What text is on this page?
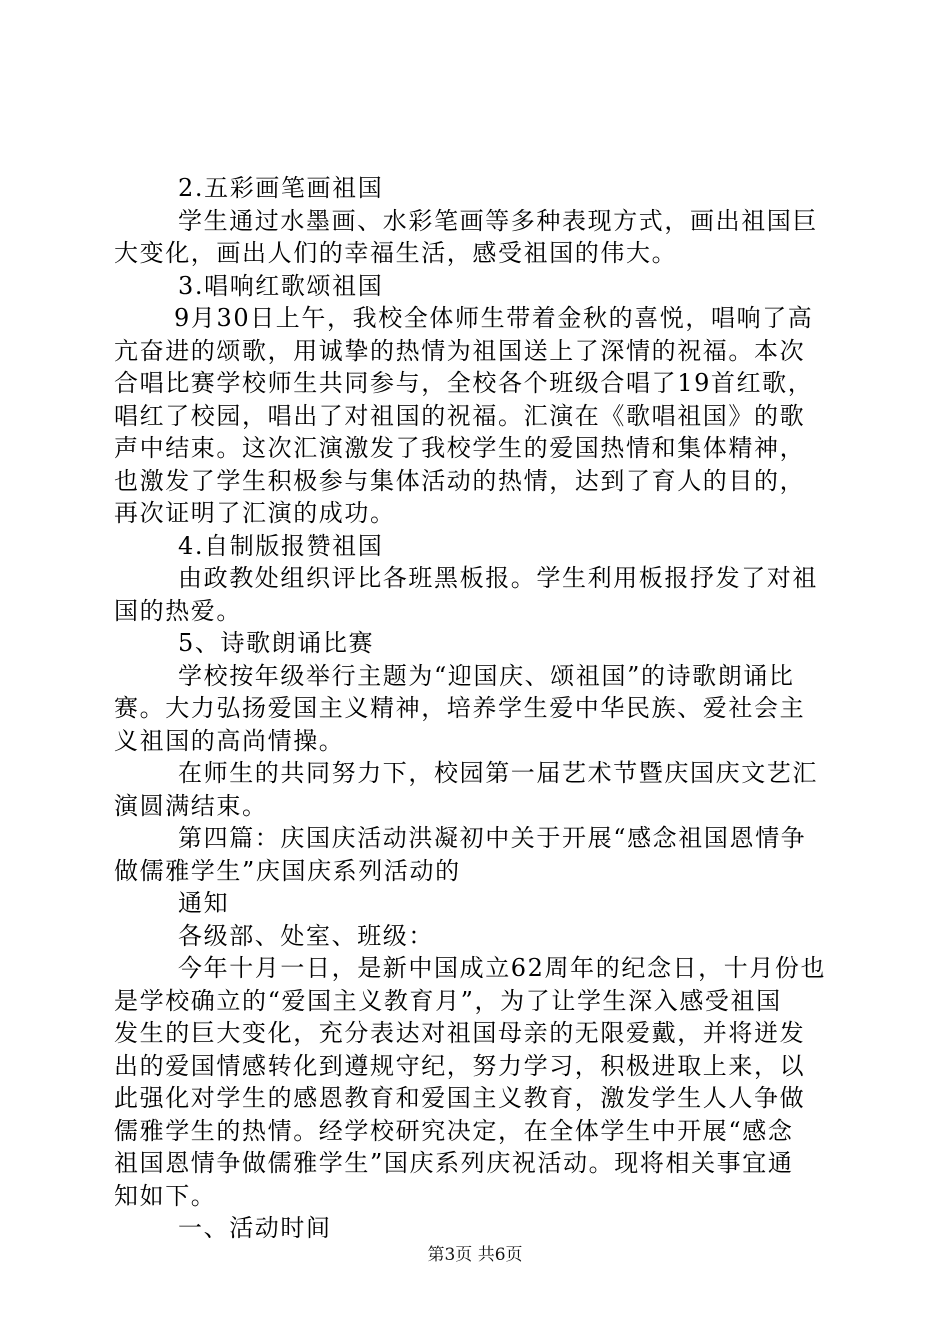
2.五彩画笔画祖国
学生通过水墨画、水彩笔画等多种表现方式，画出祖国巨
大变化，画出人们的幸福生活，感受祖国的伟大。
3.唱响红歌颂祖国
9月30日上午，我校全体师生带着金秋的喜悦，唱响了高
亢奋进的颂歌，用诚挚的热情为祖国送上了深情的祝福。本次
合唱比赛学校师生共同参与，全校各个班级合唱了19首红歌，
唱红了校园，唱出了对祖国的祝福。汇演在《歌唱祖国》的歌
声中结束。这次汇演激发了我校学生的爱国热情和集体精神，
也激发了学生积极参与集体活动的热情，达到了育人的目的，
再次证明了汇演的成功。
4.自制版报赞祖国
由政教处组织评比各班黑板报。学生利用板报抒发了对祖
国的热爱。
5、诗歌朗诵比赛
学校按年级举行主题为“迎国庆、颂祖国”的诗歌朗诵比
赛。大力弘扬爱国主义精神，培养学生爱中华民族、爱社会主
义祖国的高尚情操。
在师生的共同努力下，校园第一届艺术节暨庆国庆文艺汇
演圆满结束。
第四篇：庆国庆活动洪凝初中关于开展“感念祖国恩情争
做儒雅学生”庆国庆系列活动的
通知
各级部、处室、班级：
今年十月一日，是新中国成立62周年的纪念日，十月份也
是学校确立的“爱国主义教育月”，为了让学生深入感受祖国
发生的巨大变化，充分表达对祖国母亲的无限爱戴，并将迸发
出的爱国情感转化到遵规守纪，努力学习，积极进取上来，以
此强化对学生的感恩教育和爱国主义教育，激发学生人人争做
儒雅学生的热情。经学校研究决定，在全体学生中开展“感念
祖国恩情争做儒雅学生”国庆系列庆祝活动。现将相关事宜通
知如下。
一、活动时间
第3页 共6页
